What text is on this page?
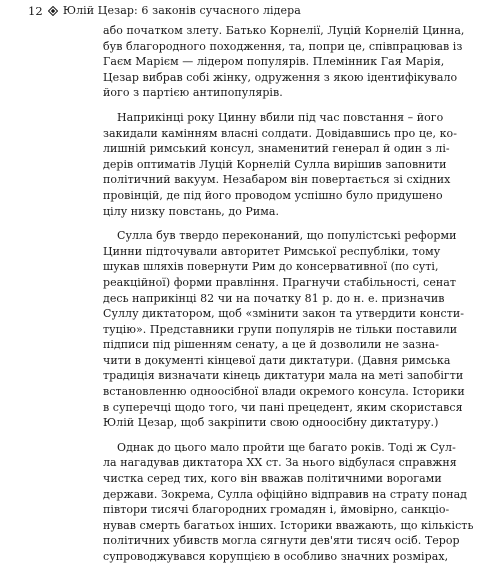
12 Юлій Цезар: 6 законів сучасного лідера
або початком злету. Батько Корнелії, Луцій Корнелій Цинна,
був благородного походження, та, попри це, співпрацював із
Гаєм Марієм — лідером популярів. Племінник Гая Марія,
Цезар вибрав собі жінку, одруження з якою ідентифікувало
його з партією антипопулярів.
Наприкінці року Цинну вбили під час повстання – його
закидали камінням власні солдати. Довідавшись про це, ко-
лишній римський консул, знаменитий генерал й один з лі-
дерів оптиматів Луцій Корнелій Сулла вирішив заповнити
політичний вакуум. Незабаром він повертається зі східних
провінцій, де під його проводом успішно було придушено
цілу низку повстань, до Рима.
Сулла був твердо переконаний, що популістські реформи
Цинни підточували авторитет Римської республіки, тому
шукав шляхів повернути Рим до консервативної (по суті,
реакційної) форми правління. Прагнучи стабільності, сенат
десь наприкінці 82 чи на початку 81 р. до н. е. призначив
Суллу диктатором, щоб «змінити закон та утвердити консти-
туцію». Представники групи популярів не тільки поставили
підписи під рішенням сенату, а це й дозволили не зазна-
чити в документі кінцевої дати диктатури. (Давня римська
традиція визначати кінець диктатури мала на меті запобігти
встановленню одноосібної влади окремого консула. Історики
в суперечці щодо того, чи пані прецедент, яким скористався
Юлій Цезар, щоб закріпити свою одноосібну диктатуру.)
Однак до цього мало пройти ще багато років. Тоді ж Сул-
ла нагадував диктатора XX ст. За нього відбулася справжня
чистка серед тих, кого він вважав політичними ворогами
держави. Зокрема, Сулла офіційно відправив на страту понад
півтори тисячі благородних громадян і, ймовірно, санкціо-
нував смерть багатьох інших. Історики вважають, що кількість
політичних убивств могла сягнути дев'яти тисяч осіб. Терор
супроводжувався корупцією в особливо значних розмірах,
